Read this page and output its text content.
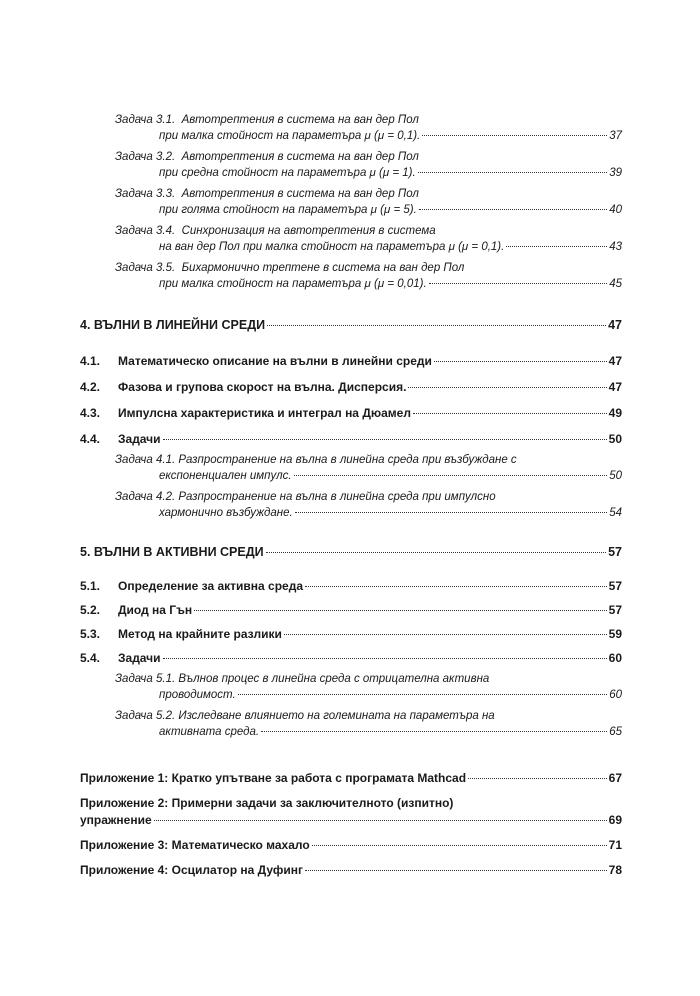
Задача 3.1. Автотрептения в система на ван дер Пол
при малка стойност на параметъра μ (μ = 0,1).	37
Задача 3.2. Автотрептения в система на ван дер Пол
при средна стойност на параметъра μ (μ = 1).	39
Задача 3.3. Автотрептения в система на ван дер Пол
при голяма стойност на параметъра μ (μ = 5).	40
Задача 3.4. Синхронизация на автотрептения в система
на ван дер Пол при малка стойност на параметъра μ (μ = 0,1).	43
Задача 3.5. Бихармонично трептене в система на ван дер Пол
при малка стойност на параметъра μ (μ = 0,01).	45
4. ВЪЛНИ В ЛИНЕЙНИ СРЕДИ	47
4.1.	Математическо описание на вълни в линейни среди	47
4.2.	Фазова и групова скорост на вълна. Дисперсия.	47
4.3.	Импулсна характеристика и интеграл на Дюамел	49
4.4.	Задачи	50
Задача 4.1. Разпространение на вълна в линейна среда при възбуждане с
експоненциален импулс.	50
Задача 4.2. Разпространение на вълна в линейна среда при импулсно
хармонично възбуждане.	54
5. ВЪЛНИ В АКТИВНИ СРЕДИ	57
5.1.	Определение за активна среда	57
5.2.	Диод на Гън	57
5.3.	Метод на крайните разлики	59
5.4.	Задачи	60
Задача 5.1. Вълнов процес в линейна среда с отрицателна активна
проводимост.	60
Задача 5.2. Изследване влиянието на големината на параметъра на
активната среда.	65
Приложение 1: Кратко упътване за работа с програмата Mathcad	67
Приложение 2: Примерни задачи за заключителното (изпитно)
упражнение	69
Приложение 3: Математическо махало	71
Приложение 4: Осцилатор на Дуфинг	78
